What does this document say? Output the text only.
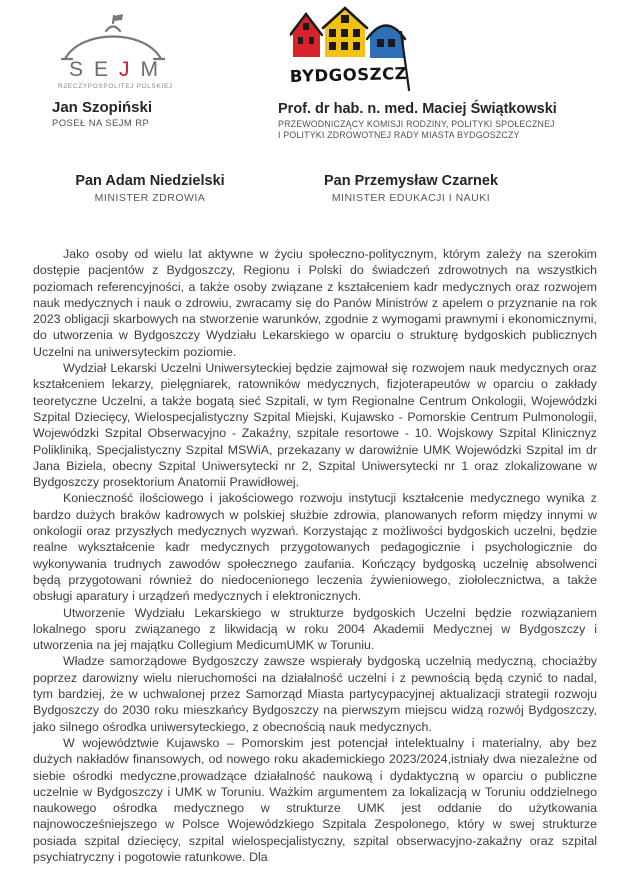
SEJM
RZECZYPOSPOLITEJ POLSKIEJ
Jan Szopiński
POSEŁ NA SEJM RP
BYDGOSZCZ
Prof. dr hab. n. med. Maciej Świątkowski
PRZEWODNICZĄCY KOMISJI RODZINY, POLITYKI SPOŁECZNEJ
I POLITYKI ZDROWOTNEJ RADY MIASTA BYDGOSZCZY
Pan Adam Niedzielski
MINISTER ZDROWIA
Pan Przemysław Czarnek
MINISTER EDUKACJI I NAUKI

Jako osoby od wielu lat aktywne w życiu społeczno-politycznym, którym zależy na szerokim dostępie pacjentów z Bydgoszczy, Regionu i Polski do świadczeń zdrowotnych na wszystkich poziomach referencyjności, a także osoby związane z kształceniem kadr medycznych oraz rozwojem nauk medycznych i nauk o zdrowiu, zwracamy się do Panów Ministrów z apelem o przyznanie na rok 2023 obligacji skarbowych na stworzenie warunków, zgodnie z wymogami prawnymi i ekonomicznymi, do utworzenia w Bydgoszczy Wydziału Lekarskiego w oparciu o strukturę bydgoskich publicznych Uczelni na uniwersyteckim poziomie.

Wydział Lekarski Uczelni Uniwersyteckiej będzie zajmował się rozwojem nauk medycznych oraz kształceniem lekarzy, pielęgniarek, ratowników medycznych, fizjoterapeutów w oparciu o zakłady teoretyczne Uczelni, a także bogatą sieć Szpitali, w tym Regionalne Centrum Onkologii, Wojewódzki Szpital Dziecięcy, Wielospecjalistyczny Szpital Miejski, Kujawsko - Pomorskie Centrum Pulmonologii, Wojewódzki Szpital Obserwacyjno - Zakaźny, szpitale resortowe - 10. Wojskowy Szpital Klinicznyz Polikliniką, Specjalistyczny Szpital MSWiA, przekazany w darowiźnie UMK Wojewódzki Szpital im dr Jana Biziela, obecny Szpital Uniwersytecki nr 2, Szpital Uniwersytecki nr 1 oraz zlokalizowane w Bydgoszczy prosektorium Anatomii Prawidłowej.

Konieczność ilościowego i jakościowego rozwoju instytucji kształcenie medycznego wynika z bardzo dużych braków kadrowych w polskiej służbie zdrowia, planowanych reform między innymi w onkologii oraz przyszłych medycznych wyzwań. Korzystając z możliwości bydgoskich uczelni, będzie realne wykształcenie kadr medycznych przygotowanych pedagogicznie i psychologicznie do wykonywania trudnych zawodów społecznego zaufania. Kończący bydgoską uczelnię absolwenci będą przygotowani również do niedocenionego leczenia żywieniowego, ziołolecznictwa, a także obsługi aparatury i urządzeń medycznych i elektronicznych.

Utworzenie Wydziału Lekarskiego w strukturze bydgoskich Uczelni będzie rozwiązaniem lokalnego sporu związanego z likwidacją w roku 2004 Akademii Medycznej w Bydgoszczy i utworzenia na jej majątku Collegium MedicumUMK w Toruniu.

Władze samorządowe Bydgoszczy zawsze wspierały bydgoską uczelnią medyczną, chociażby poprzez darowizny wielu nieruchomości na działalność uczelni i z pewnością będą czynić to nadal, tym bardziej, że w uchwalonej przez Samorząd Miasta partycypacyjnej aktualizacji strategii rozwoju Bydgoszczy do 2030 roku mieszkańcy Bydgoszczy na pierwszym miejscu widzą rozwój Bydgoszczy, jako silnego ośrodka uniwersyteckiego, z obecnością nauk medycznych.

W województwie Kujawsko – Pomorskim jest potencjał intelektualny i materialny, aby bez dużych nakładów finansowych, od nowego roku akademickiego 2023/2024,istniały dwa niezależne od siebie ośrodki medyczne,prowadzące działalność naukową i dydaktyczną w oparciu o publiczne uczelnie w Bydgoszczy i UMK w Toruniu. Ważkim argumentem za lokalizacją w Toruniu oddzielnego naukowego ośrodka medycznego w strukturze UMK jest oddanie do użytkowania najnowocześniejszego w Polsce Wojewódzkiego Szpitala Zespolonego, który w swej strukturze posiada szpital dziecięcy, szpital wielospecjalistyczny, szpital obserwacyjno-zakaźny oraz szpital psychiatryczny i pogotowie ratunkowe. Dla
